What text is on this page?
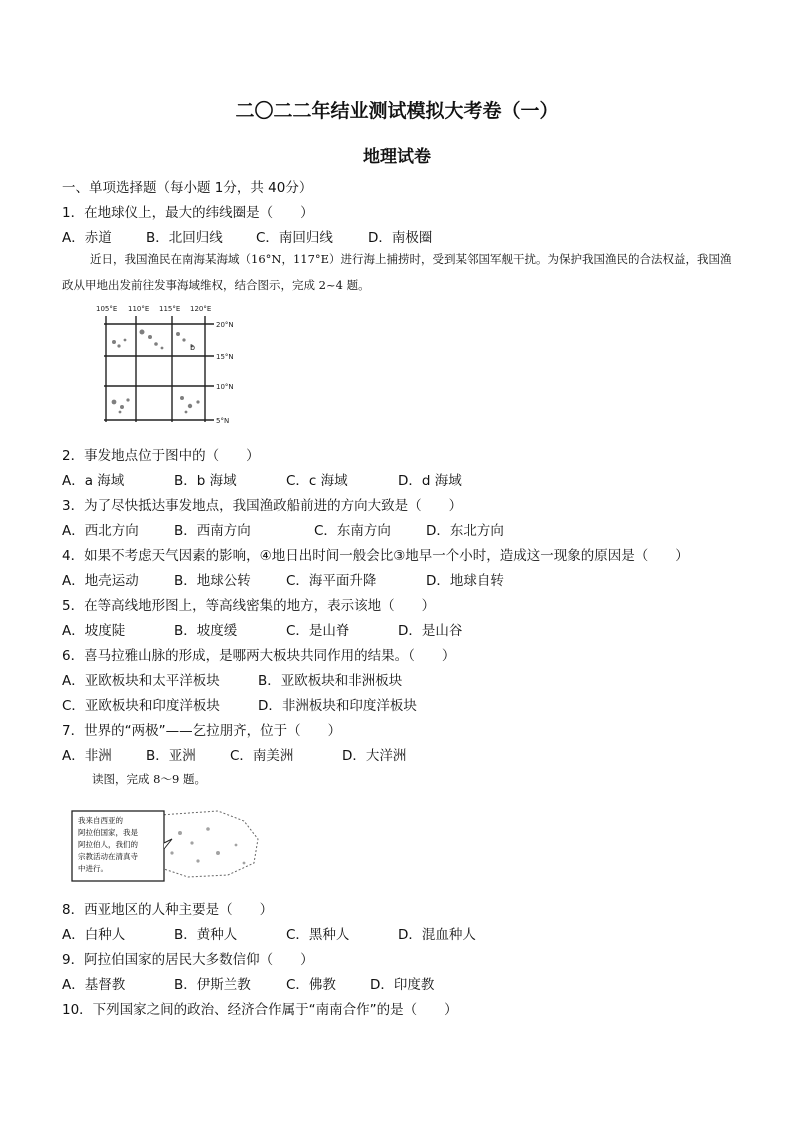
二〇二二年结业测试模拟大考卷（一）
地理试卷
一、单项选择题（每小题 1分，共 40分）
1．在地球仪上，最大的纬线圈是（　　）
A．赤道	B．北回归线 C．南回归线	D．南极圈
近日，我国渔民在南海某海域（16°N，117°E）进行海上捕捞时，受到某邻国军舰干扰。为保护我国渔民的合法权益，我国渔政从甲地出发前往发事海域维权，结合图示，完成 2~4 题。
105°E 110°E 115°E 120°E
b
20°N
15°N
10°N
5°N
2．事发地点位于图中的（　　）
A．a 海域	B．b 海域	C．c 海域	D．d 海域
3．为了尽快抵达事发地点，我国渔政船前进的方向大致是（　　）
A．西北方向	B．西南方向	C．东南方向	D．东北方向
4．如果不考虑天气因素的影响，④地日出时间一般会比③地早一个小时，造成这一现象的原因是（　　）
A．地壳运动	B．地球公转	C．海平面升降	D．地球自转
5．在等高线地形图上，等高线密集的地方，表示该地（　　）
A．坡度陡	B．坡度缓	C．是山脊	D．是山谷
6．喜马拉雅山脉的形成，是哪两大板块共同作用的结果。（　　）
A．亚欧板块和太平洋板块	B．亚欧板块和非洲板块
C．亚欧板块和印度洋板块	D．非洲板块和印度洋板块
7．世界的“两极”——乞拉朋齐，位于（　　）
A．非洲	B．亚洲	C．南美洲	D．大洋洲
读图，完成 8～9 题。
我来自西亚的
阿拉伯国家，我是
阿拉伯人，我们的
宗教活动在清真寺
中进行。
8．西亚地区的人种主要是（　　）
A．白种人	B．黄种人	C．黑种人	D．混血种人
9．阿拉伯国家的居民大多数信仰（　　）
A．基督教	B．伊斯兰教	C．佛教	D．印度教
10．下列国家之间的政治、经济合作属于“南南合作”的是（　　）
